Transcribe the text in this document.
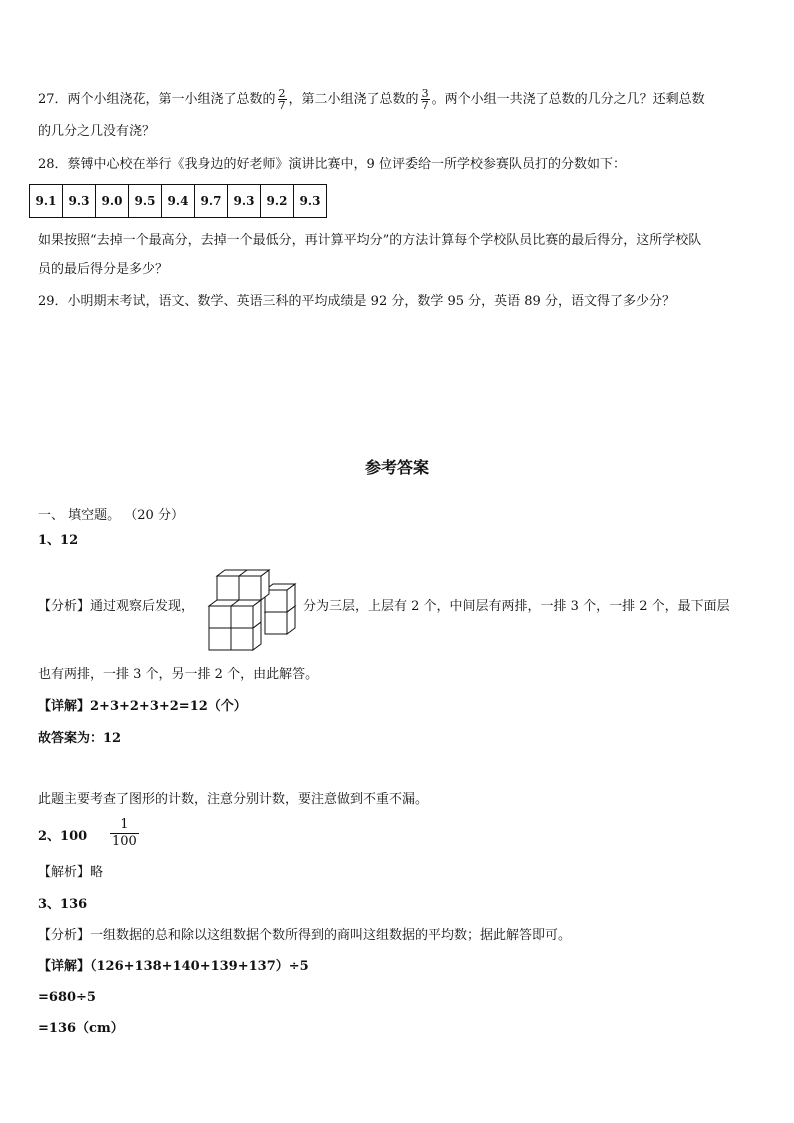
27．两个小组浇花，第一小组浇了总数的 $\frac{2}{7}$ ，第二小组浇了总数的 $\frac{3}{7}$ 。两个小组一共浇了总数的几分之几？还剩总数
的几分之几没有浇？
28．蔡镈中心校在举行《我身边的好老师》演讲比赛中，9 位评委给一所学校参赛队员打的分数如下：
9.1	9.3	9.0	9.5	9.4	9.7	9.3	9.2	9.3
如果按照“去掉一个最高分，去掉一个最低分，再计算平均分”的方法计算每个学校队员比赛的最后得分，这所学校队
员的最后得分是多少？
29．小明期末考试，语文、数学、英语三科的平均成绩是 92 分，数学 95 分，英语 89 分，语文得了多少分？
参考答案
一、 填空题。 （20 分）
1、12
【分析】通过观察后发现，	分为三层，上层有 2 个，中间层有两排，一排 3 个，一排 2 个，最下面层
也有两排，一排 3 个，另一排 2 个，由此解答。
【详解】2+3+2+3+2=12（个）
故答案为：12
此题主要考查了图形的计数，注意分别计数，要注意做到不重不漏。
2、$100 \frac{1}{100}$
【解析】略
3、136
【分析】一组数据的总和除以这组数据个数所得到的商叫这组数据的平均数；据此解答即可。
【详解】（126+138+140+139+137）÷5
=680÷5
=136（cm）
